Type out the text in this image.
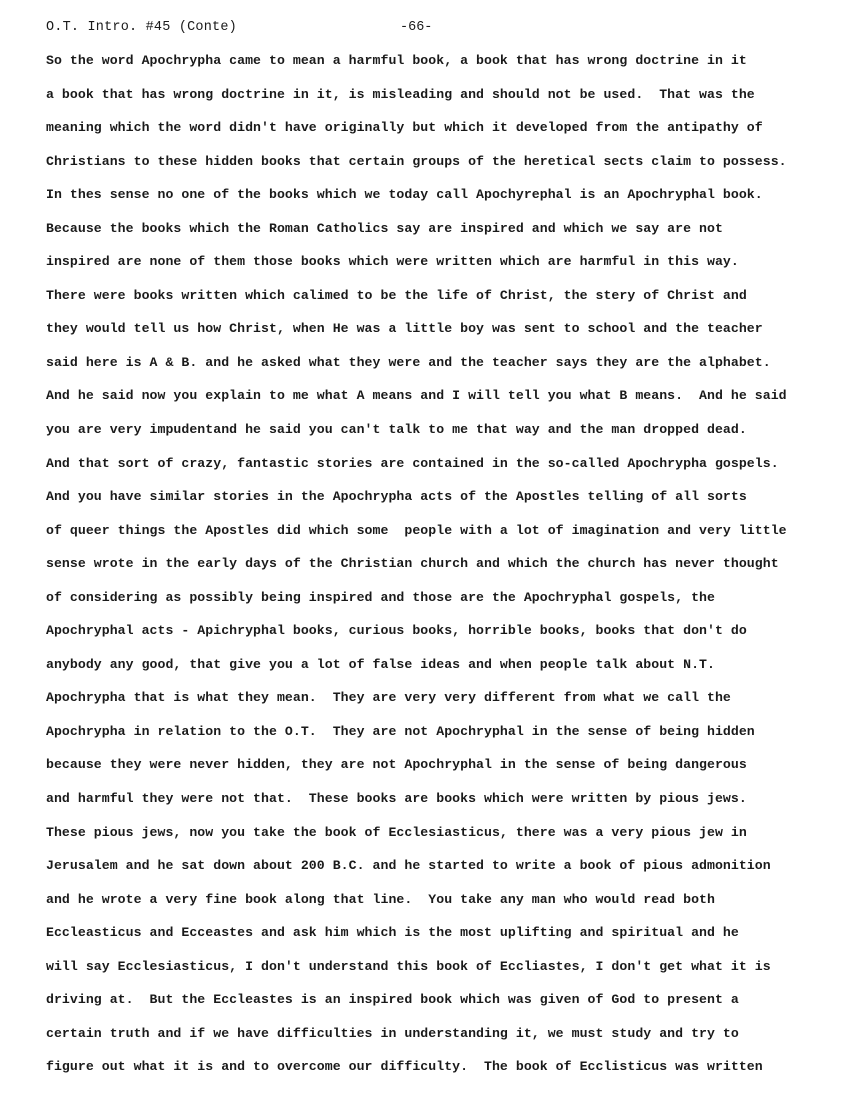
O.T. Intro. #45 (Conte)	-66-
So the word Apochrypha came to mean a harmful book, a book that has wrong doctrine in it
a book that has wrong doctrine in it, is misleading and should not be used.  That was the
meaning which the word didn't have originally but which it developed from the antipathy of
Christians to these hidden books that certain groups of the heretical sects claim to possess.
In thes sense no one of the books which we today call Apochyrephal is an Apochryphal book.
Because the books which the Roman Catholics say are inspired and which we say are not
inspired are none of them those books which were written which are harmful in this way.
There were books written which calimed to be the life of Christ, the stery of Christ and
they would tell us how Christ, when He was a little boy was sent to school and the teacher
said here is A & B. and he asked what they were and the teacher says they are the alphabet.
And he said now you explain to me what A means and I will tell you what B means.  And he said
you are very impudentand he said you can't talk to me that way and the man dropped dead.
And that sort of crazy, fantastic stories are contained in the so-called Apochrypha gospels.
And you have similar stories in the Apochrypha acts of the Apostles telling of all sorts
of queer things the Apostles did which some  people with a lot of imagination and very little
sense wrote in the early days of the Christian church and which the church has never thought
of considering as possibly being inspired and those are the Apochryphal gospels, the
Apochryphal acts - Apichryphal books, curious books, horrible books, books that don't do
anybody any good, that give you a lot of false ideas and when people talk about N.T.
Apochrypha that is what they mean.  They are very very different from what we call the
Apochrypha in relation to the O.T.  They are not Apochryphal in the sense of being hidden
because they were never hidden, they are not Apochryphal in the sense of being dangerous
and harmful they were not that.  These books are books which were written by pious jews.
These pious jews, now you take the book of Ecclesiasticus, there was a very pious jew in
Jerusalem and he sat down about 200 B.C. and he started to write a book of pious admonition
and he wrote a very fine book along that line.  You take any man who would read both
Eccleasticus and Ecceastes and ask him which is the most uplifting and spiritual and he
will say Ecclesiasticus, I don't understand this book of Eccliastes, I don't get what it is
driving at.  But the Eccleastes is an inspired book which was given of God to present a
certain truth and if we have difficulties in understanding it, we must study and try to
figure out what it is and to overcome our difficulty.  The book of Ecclisticus was written
